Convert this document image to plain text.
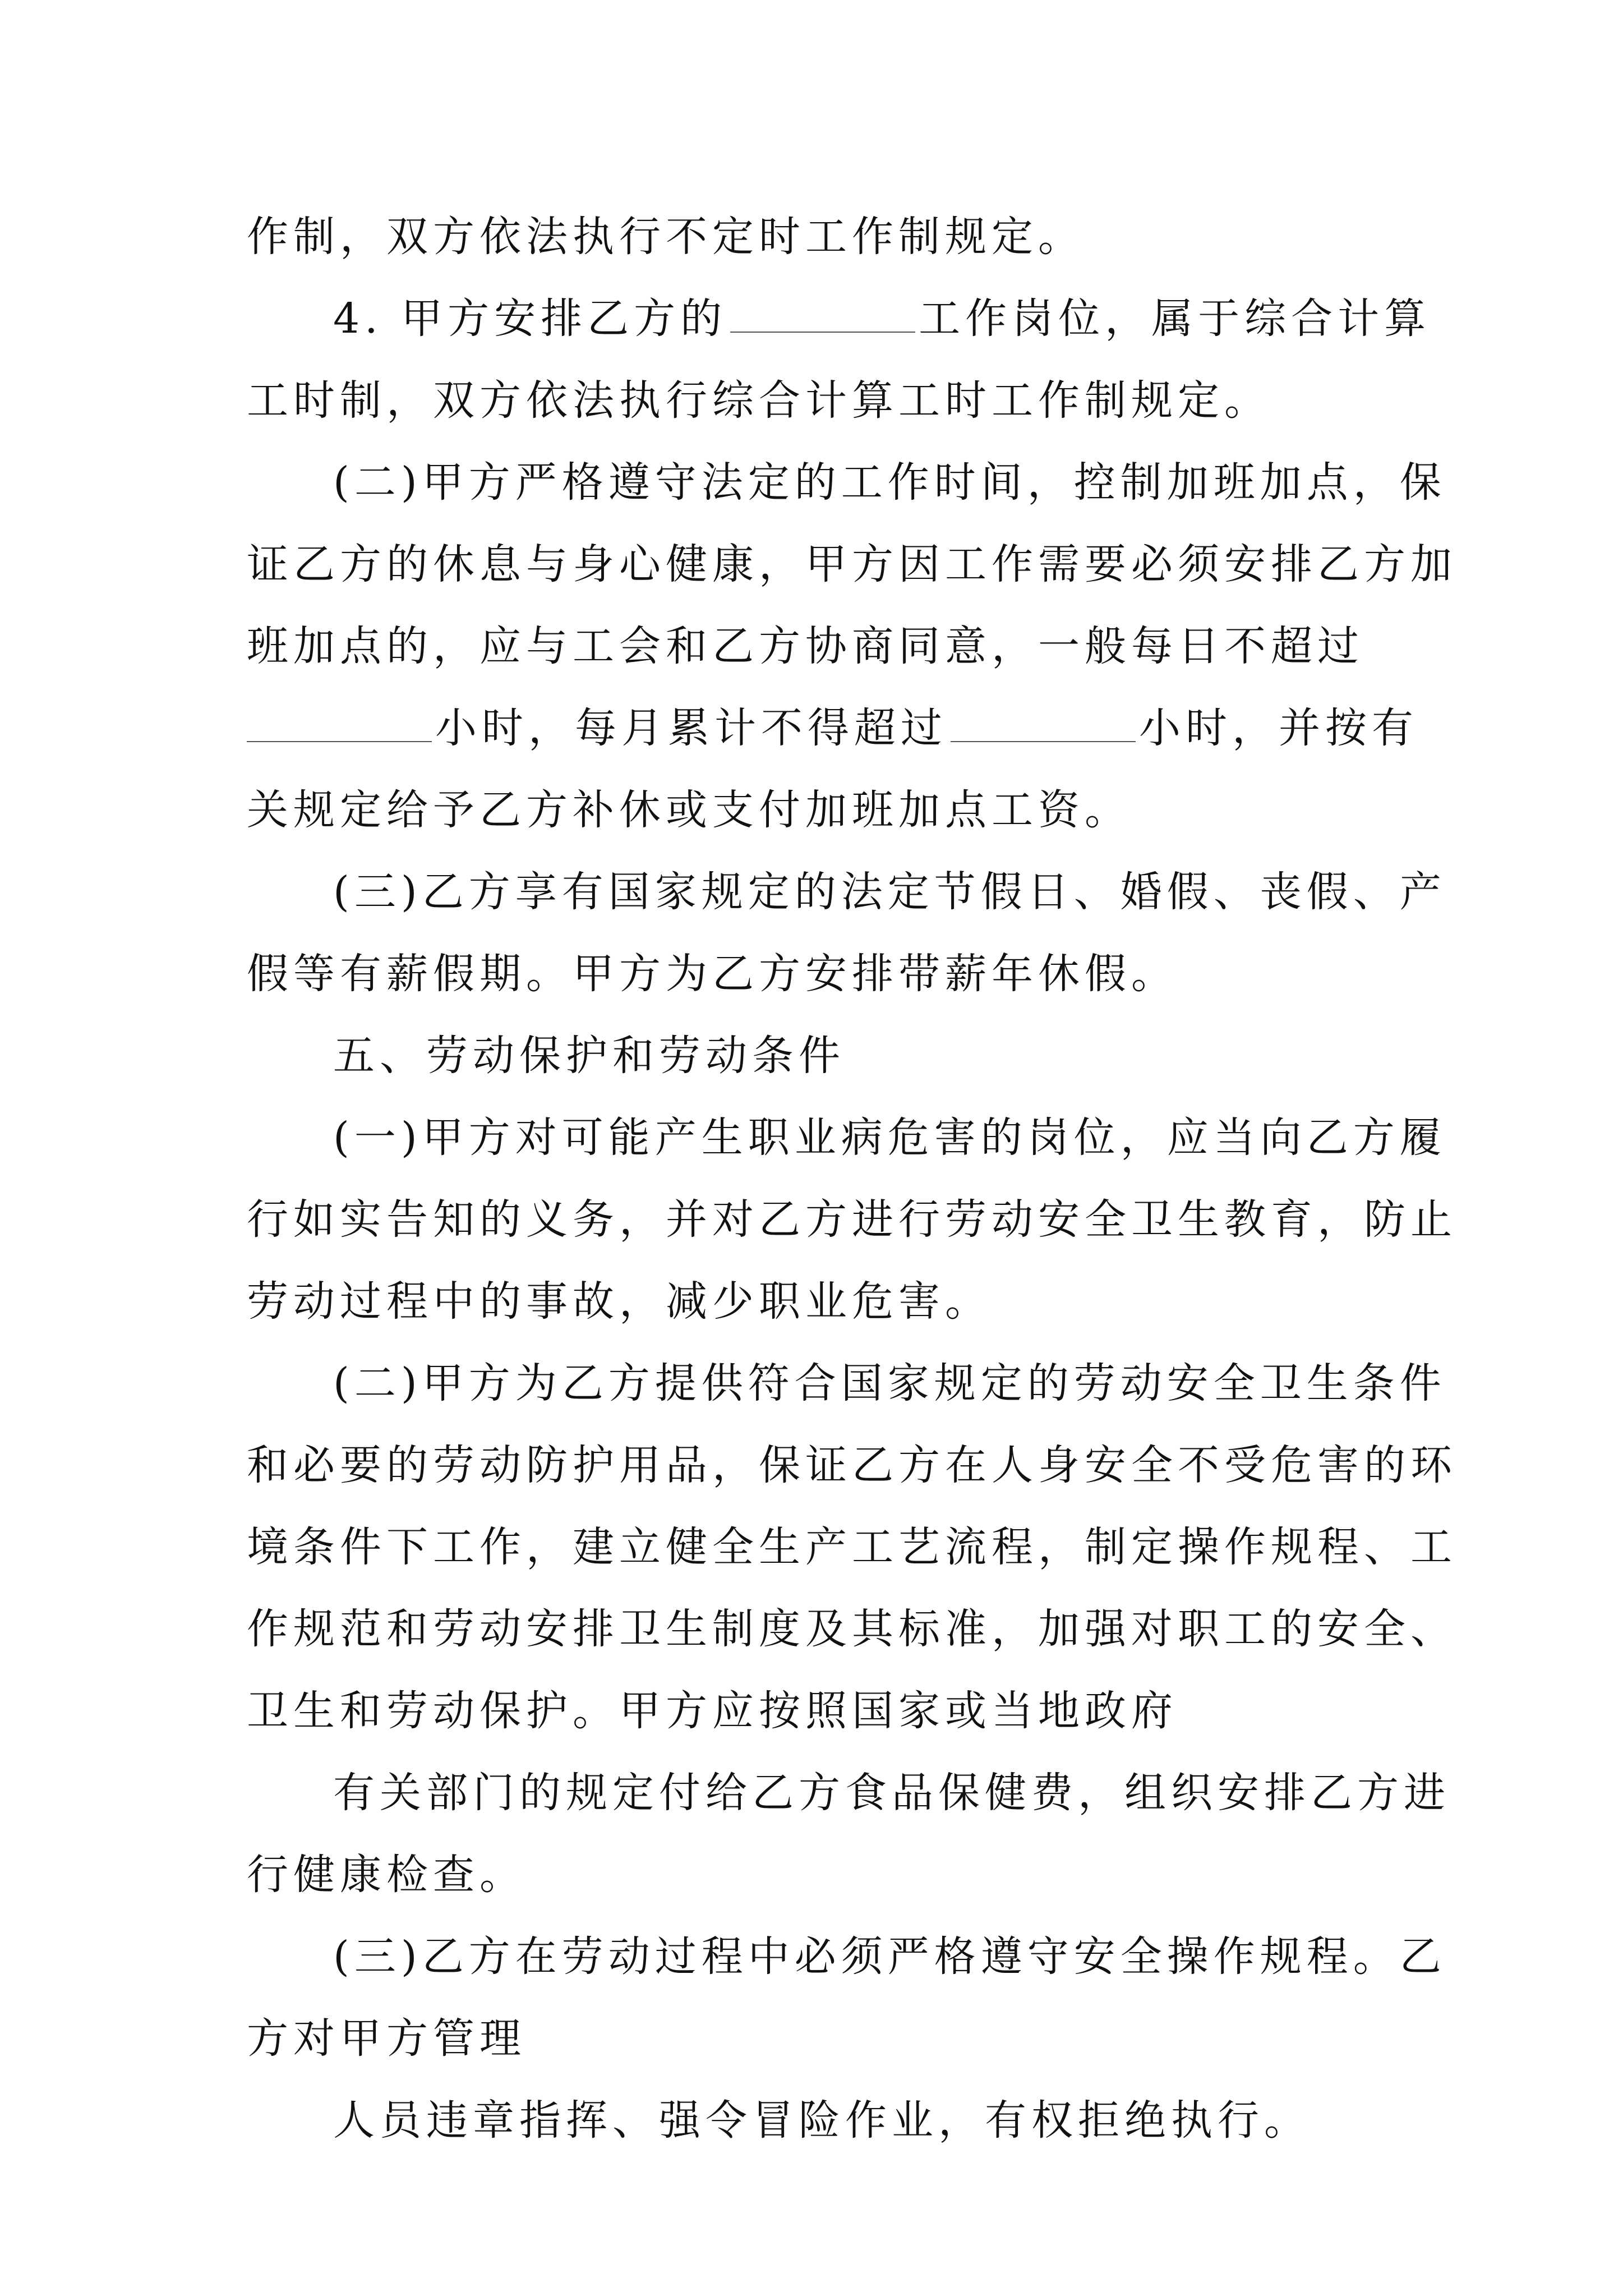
作制，双方依法执行不定时工作制规定。
4. 甲方安排乙方的	工作岗位，属于综合计算
工时制，双方依法执行综合计算工时工作制规定。
(二)甲方严格遵守法定的工作时间，控制加班加点，保
证乙方的休息与身心健康，甲方因工作需要必须安排乙方加
班加点的，应与工会和乙方协商同意，一般每日不超过
小时，每月累计不得超过	小时，并按有
关规定给予乙方补休或支付加班加点工资。
(三)乙方享有国家规定的法定节假日、婚假、丧假、产
假等有薪假期。甲方为乙方安排带薪年休假。
五、劳动保护和劳动条件
(一)甲方对可能产生职业病危害的岗位，应当向乙方履
行如实告知的义务，并对乙方进行劳动安全卫生教育，防止
劳动过程中的事故，减少职业危害。
(二)甲方为乙方提供符合国家规定的劳动安全卫生条件
和必要的劳动防护用品，保证乙方在人身安全不受危害的环
境条件下工作，建立健全生产工艺流程，制定操作规程、工
作规范和劳动安排卫生制度及其标准，加强对职工的安全、
卫生和劳动保护。甲方应按照国家或当地政府
有关部门的规定付给乙方食品保健费，组织安排乙方进
行健康检查。
(三)乙方在劳动过程中必须严格遵守安全操作规程。乙
方对甲方管理
人员违章指挥、强令冒险作业，有权拒绝执行。
